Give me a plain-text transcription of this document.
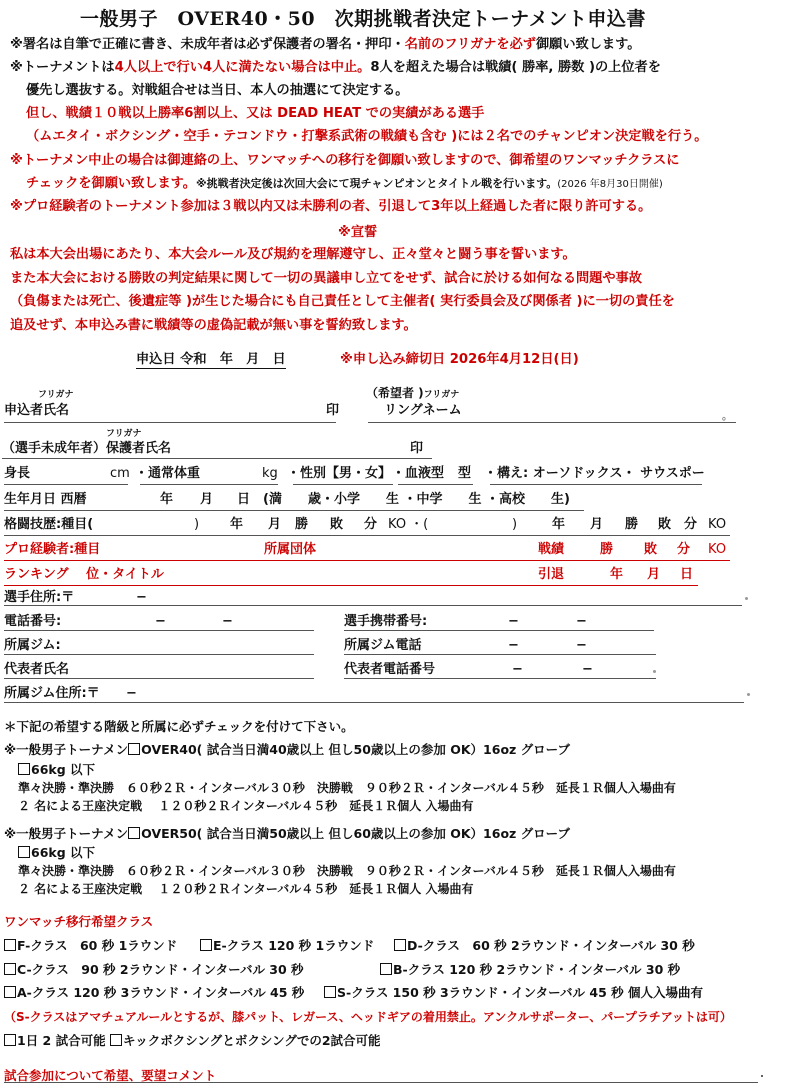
一般男子　OVER40・50　次期挑戦者決定トーナメント申込書
※署名は自筆で正確に書き、未成年者は必ず保護者の署名・押印・名前のフリガナを必ず御願い致します。
※トーナメントは4人以上で行い4人に満たない場合は中止。8人を超えた場合は戦績( 勝率, 勝数 )の上位者を
優先し選抜する。対戦組合せは当日、本人の抽選にて決定する。
但し、戦績１０戦以上勝率6割以上、又は DEAD HEAT での実績がある選手
（ムエタイ・ボクシング・空手・テコンドウ・打撃系武術の戦績も含む )には２名でのチャンピオン決定戦を行う。
※トーナメン中止の場合は御連絡の上、ワンマッチへの移行を御願い致しますので、御希望のワンマッチクラスに
チェックを御願い致します。※挑戦者決定後は次回大会にて現チャンピオンとタイトル戦を行います。(2026 年8月30日開催)
※プロ経験者のトーナメント参加は３戦以内又は未勝利の者、引退して3年以上経過した者に限り許可する。
※宣誓
私は本大会出場にあたり、本大会ルール及び規約を理解遵守し、正々堂々と闘う事を誓います。
また本大会における勝敗の判定結果に関して一切の異議申し立てをせず、試合に於ける如何なる問題や事故
（負傷または死亡、後遺症等 )が生じた場合にも自己責任として主催者( 実行委員会及び関係者 )に一切の責任を
追及せず、本申込み書に戦績等の虚偽記載が無い事を誓約致します。
申込日 令和　年　月　日	※申し込み締切日 2026年4月12日(日)
フリガナ
申込者氏名	印
（希望者 )フリガナ
リングネーム	。
フリガナ
（選手未成年者）保護者氏名	印
身長	cm ・通常体重	kg ・性別【男・女】 ・血液型 型 ・構え: オーソドックス・ サウスポー
生年月日 西暦	年 月 日 (満　　歳・小学　　生 ・中学　　生 ・高校　　生)
格闘技歴:種目(	) 年 月 勝 敗 分 KO ・(	)	年 月 勝 敗 分 KO
プロ経験者:種目	所属団体	戦績	勝 敗 分 KO
ランキング　 位・タイトル	引退	年 月 日
選手住所:〒	−
電話番号:	−	−	選手携帯番号:	−	−
所属ジム:	所属ジム電話	−	−
代表者氏名	代表者電話番号	−	−
所属ジム住所:〒 −
＊下記の希望する階級と所属に必ずチェックを付けて下さい。
※一般男子トーナメン OVER40( 試合当日満40歳以上 但し50歳以上の参加 OK）16oz グローブ
66kg 以下
準々決勝・準決勝　６０秒２Ｒ・インターバル３０秒　決勝戦　９０秒２Ｒ・インターバル４５秒　延長１Ｒ個人入場曲有
２ 名による王座決定戦　 １２０秒２Ｒインターバル４５秒　延長１Ｒ個人 入場曲有
※一般男子トーナメン OVER50( 試合当日満50歳以上 但し60歳以上の参加 OK）16oz グローブ
66kg 以下
準々決勝・準決勝　６０秒２Ｒ・インターバル３０秒　決勝戦　９０秒２Ｒ・インターバル４５秒　延長１Ｒ個人入場曲有
２ 名による王座決定戦　 １２０秒２Ｒインターバル４５秒　延長１Ｒ個人 入場曲有
ワンマッチ移行希望クラス
F-クラス　60 秒 1ラウンド	E-クラス 120 秒 1ラウンド	D-クラス　60 秒 2ラウンド・インターバル 30 秒
C-クラス　90 秒 2ラウンド・インターバル 30 秒	B-クラス 120 秒 2ラウンド・インターバル 30 秒
A-クラス 120 秒 3ラウンド・インターバル 45 秒	S-クラス 150 秒 3ラウンド・インターバル 45 秒 個人入場曲有
（S-クラスはアマチュアルールとするが、膝パット、レガース、ヘッドギアの着用禁止。アンクルサポーター、パープラチアットは可）
1日 2 試合可能 キックボクシングとボクシングでの2試合可能
試合参加について希望、要望コメント	.
